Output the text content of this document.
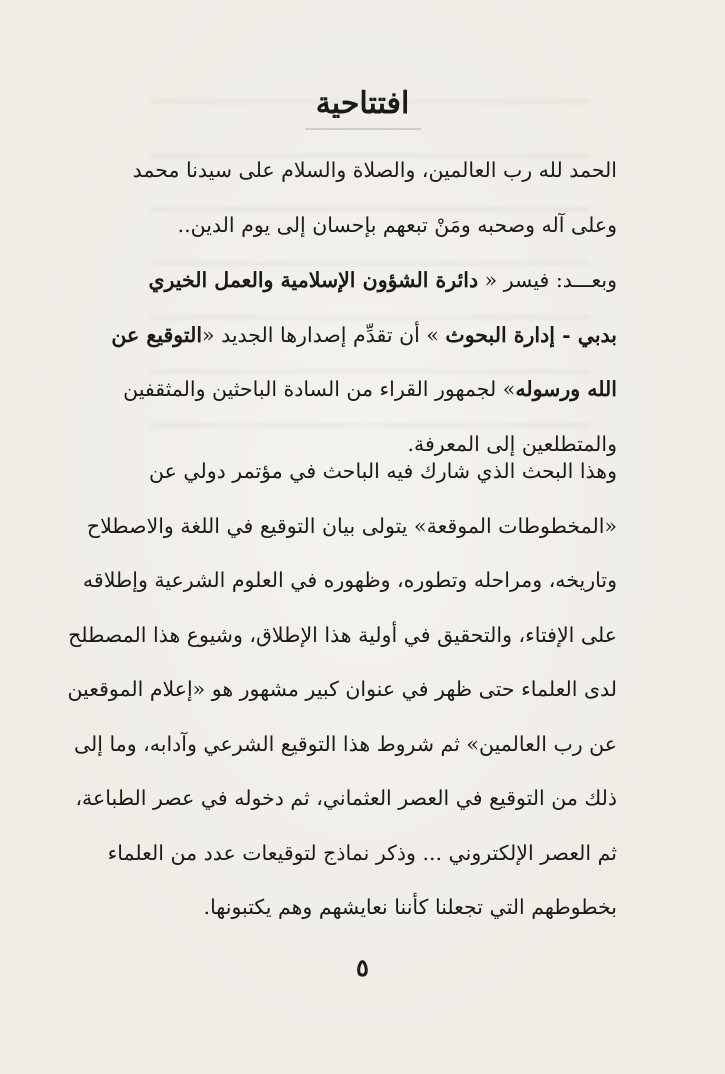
افتتاحية

الحمد لله رب العالمين، والصلاة والسلام على سيدنا محمد
وعلى آله وصحبه ومَنْ تبعهم بإحسان إلى يوم الدين..

وبعـــد: فيسر « دائرة الشؤون الإسلامية والعمل الخيري
بدبي - إدارة البحوث » أن تقدِّم إصدارها الجديد «التوقيع عن
الله ورسوله» لجمهور القراء من السادة الباحثين والمثقفين
والمتطلعين إلى المعرفة.

وهذا البحث الذي شارك فيه الباحث في مؤتمر دولي عن
«المخطوطات الموقعة» يتولى بيان التوقيع في اللغة والاصطلاح
وتاريخه، ومراحله وتطوره، وظهوره في العلوم الشرعية وإطلاقه
على الإفتاء، والتحقيق في أولية هذا الإطلاق، وشيوع هذا المصطلح
لدى العلماء حتى ظهر في عنوان كبير مشهور هو «إعلام الموقعين
عن رب العالمين» ثم شروط هذا التوقيع الشرعي وآدابه، وما إلى
ذلك من التوقيع في العصر العثماني، ثم دخوله في عصر الطباعة،
ثم العصر الإلكتروني ... وذكر نماذج لتوقيعات عدد من العلماء
بخطوطهم التي تجعلنا كأننا نعايشهم وهم يكتبونها.

٥
